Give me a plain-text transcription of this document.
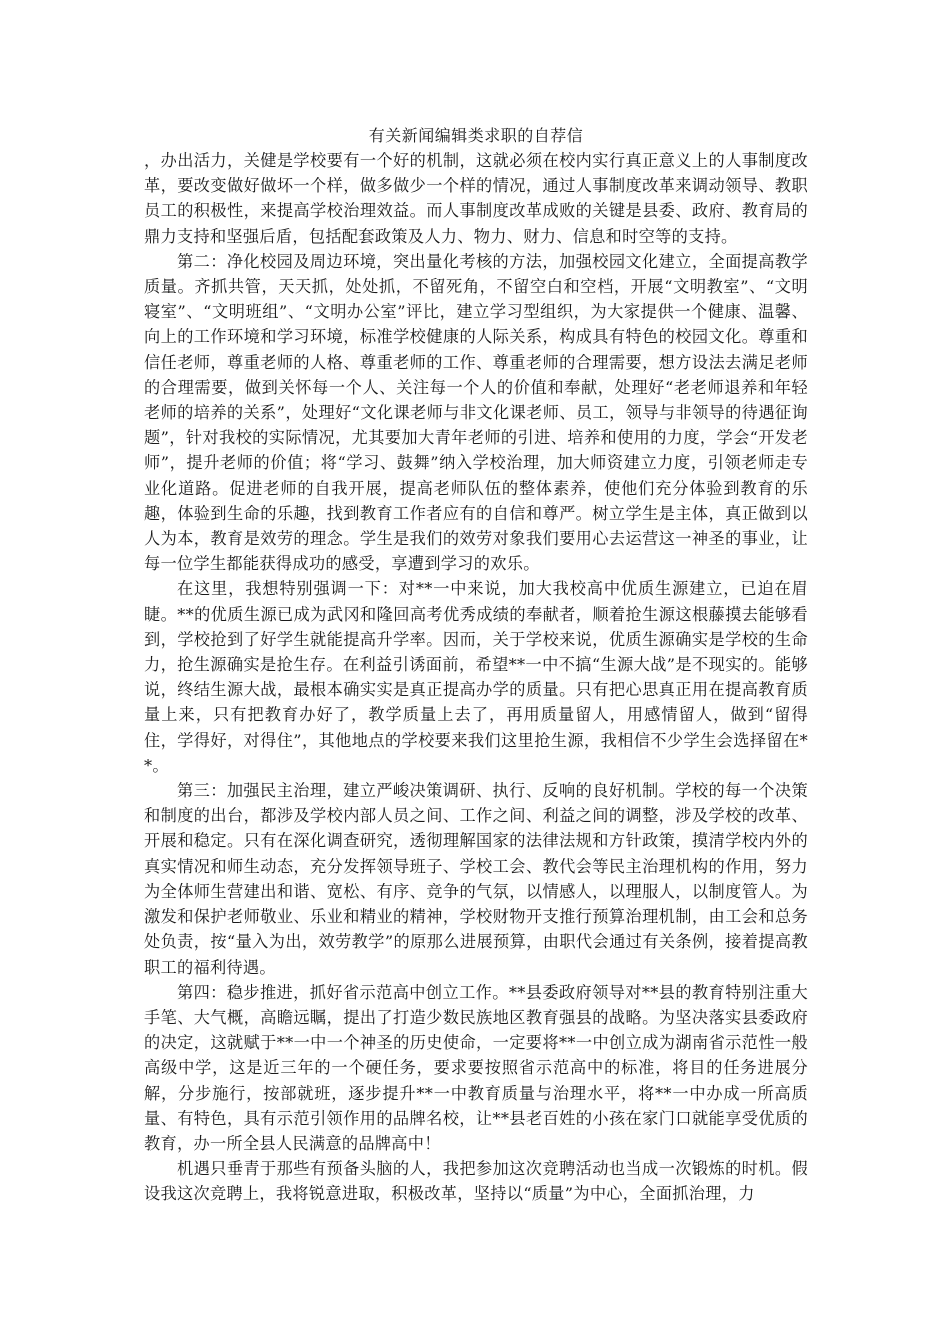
有关新闻编辑类求职的自荐信

，办出活力，关健是学校要有一个好的机制，这就必须在校内实行真正意义上的人事制度改革，要改变做好做坏一个样，做多做少一个样的情况，通过人事制度改革来调动领导、教职员工的积极性，来提高学校治理效益。而人事制度改革成败的关键是县委、政府、教育局的鼎力支持和坚强后盾，包括配套政策及人力、物力、财力、信息和时空等的支持。

第二：净化校园及周边环境，突出量化考核的方法，加强校园文化建立，全面提高教学质量。齐抓共管，天天抓，处处抓，不留死角，不留空白和空档，开展“文明教室”、“文明寝室”、“文明班组”、“文明办公室”评比，建立学习型组织，为大家提供一个健康、温馨、向上的工作环境和学习环境，标准学校健康的人际关系，构成具有特色的校园文化。尊重和信任老师，尊重老师的人格、尊重老师的工作、尊重老师的合理需要，想方设法去满足老师的合理需要，做到关怀每一个人、关注每一个人的价值和奉献，处理好“老老师退养和年轻老师的培养的关系”，处理好“文化课老师与非文化课老师、员工，领导与非领导的待遇征询题”，针对我校的实际情况，尤其要加大青年老师的引进、培养和使用的力度，学会“开发老师”，提升老师的价值；将“学习、鼓舞”纳入学校治理，加大师资建立力度，引领老师走专业化道路。促进老师的自我开展，提高老师队伍的整体素养，使他们充分体验到教育的乐趣，体验到生命的乐趣，找到教育工作者应有的自信和尊严。树立学生是主体，真正做到以人为本，教育是效劳的理念。学生是我们的效劳对象我们要用心去运营这一神圣的事业，让每一位学生都能获得成功的感受，享遭到学习的欢乐。

在这里，我想特别强调一下：对**一中来说，加大我校高中优质生源建立，已迫在眉睫。**的优质生源已成为武冈和隆回高考优秀成绩的奉献者，顺着抢生源这根藤摸去能够看到，学校抢到了好学生就能提高升学率。因而，关于学校来说，优质生源确实是学校的生命力，抢生源确实是抢生存。在利益引诱面前，希望**一中不搞“生源大战”是不现实的。能够说，终结生源大战，最根本确实实是真正提高办学的质量。只有把心思真正用在提高教育质量上来，只有把教育办好了，教学质量上去了，再用质量留人，用感情留人，做到“留得住，学得好，对得住”，其他地点的学校要来我们这里抢生源，我相信不少学生会选择留在**。

第三：加强民主治理，建立严峻决策调研、执行、反响的良好机制。学校的每一个决策和制度的出台，都涉及学校内部人员之间、工作之间、利益之间的调整，涉及学校的改革、开展和稳定。只有在深化调查研究，透彻理解国家的法律法规和方针政策，摸清学校内外的真实情况和师生动态，充分发挥领导班子、学校工会、教代会等民主治理机构的作用，努力为全体师生营建出和谐、宽松、有序、竞争的气氛，以情感人，以理服人，以制度管人。为激发和保护老师敬业、乐业和精业的精神，学校财物开支推行预算治理机制，由工会和总务处负责，按“量入为出，效劳教学”的原那么进展预算，由职代会通过有关条例，接着提高教职工的福利待遇。

第四：稳步推进，抓好省示范高中创立工作。**县委政府领导对**县的教育特别注重大手笔、大气概，高瞻远瞩，提出了打造少数民族地区教育强县的战略。为坚决落实县委政府的决定，这就赋于**一中一个神圣的历史使命，一定要将**一中创立成为湖南省示范性一般高级中学，这是近三年的一个硬任务，要求要按照省示范高中的标准，将目的任务进展分解，分步施行，按部就班，逐步提升**一中教育质量与治理水平，将**一中办成一所高质量、有特色，具有示范引领作用的品牌名校，让**县老百姓的小孩在家门口就能享受优质的教育，办一所全县人民满意的品牌高中！

机遇只垂青于那些有预备头脑的人，我把参加这次竞聘活动也当成一次锻炼的时机。假设我这次竞聘上，我将锐意进取，积极改革，坚持以“质量”为中心，全面抓治理，力
